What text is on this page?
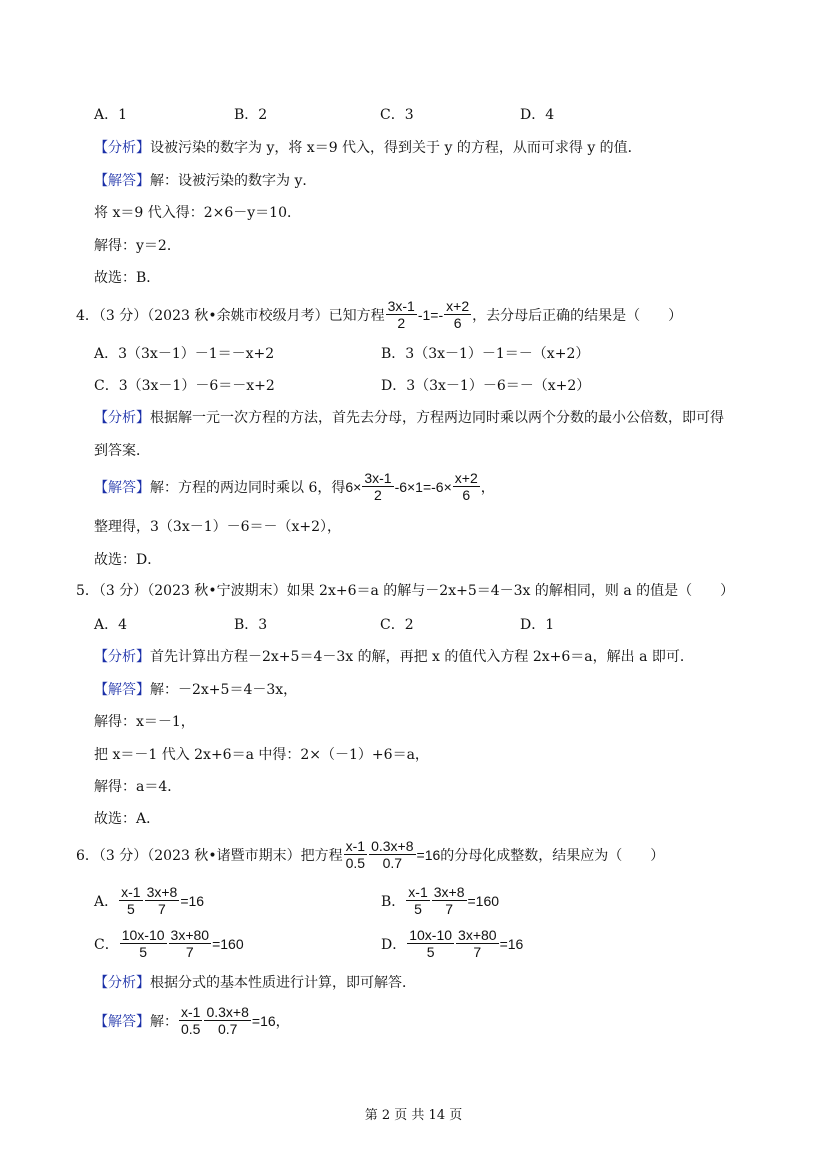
A．1	B．2	C．3	D．4
【分析】设被污染的数字为 y，将 x＝9 代入，得到关于 y 的方程，从而可求得 y 的值．
【解答】解：设被污染的数字为 y．
将 x＝9 代入得：2×6－y＝10．
解得：y＝2．
故选：B．
4．（3 分）（2023 秋•余姚市校级月考）已知方程 $\frac{3x-1}{2} -1=- \frac{x+2}{6}$ ，去分母后正确的结果是（　　）
A．3（3x－1）－1＝－x+2	B．3（3x－1）－1＝－（x+2）
C．3（3x－1）－6＝－x+2	D．3（3x－1）－6＝－（x+2）
【分析】根据解一元一次方程的方法，首先去分母，方程两边同时乘以两个分数的最小公倍数，即可得
到答案．
【解答】 解：方程的两边同时乘以 6，得 $6\times \frac{3x-1}{2} -6\times 1=-6\times \frac{x+2}{6}$ ，
整理得，3（3x－1）－6＝－（x+2），
故选：D．
5．（3 分）（2023 秋•宁波期末）如果 2x+6＝a 的解与－2x+5＝4－3x 的解相同，则 a 的值是（　　）
A．4	B．3	C．2	D．1
【分析】首先计算出方程－2x+5＝4－3x 的解，再把 x 的值代入方程 2x+6＝a，解出 a 即可．
【解答】解：－2x+5＝4－3x，
解得：x＝－1，
把 x＝－1 代入 2x+6＝a 中得：2×（－1）+6＝a，
解得：a＝4．
故选：A．
6．（3 分）（2023 秋•诸暨市期末）把方程 $\frac{x-1}{0.5} \frac{0.3x+8}{0.7} =16$ 的分母化成整数，结果应为（　　）
A． $\frac{x-1}{5} \frac{3x+8}{7} =16$	B． $\frac{x-1}{5} \frac{3x+8}{7} =160$
C． $\frac{10x-10}{5} \frac{3x+80}{7} =160$	D． $\frac{10x-10}{5} \frac{3x+80}{7} =16$
【分析】根据分式的基本性质进行计算，即可解答．
【解答】 解： $\frac{x-1}{0.5} \frac{0.3x+8}{0.7} =16$，
第 2 页 共 14 页
